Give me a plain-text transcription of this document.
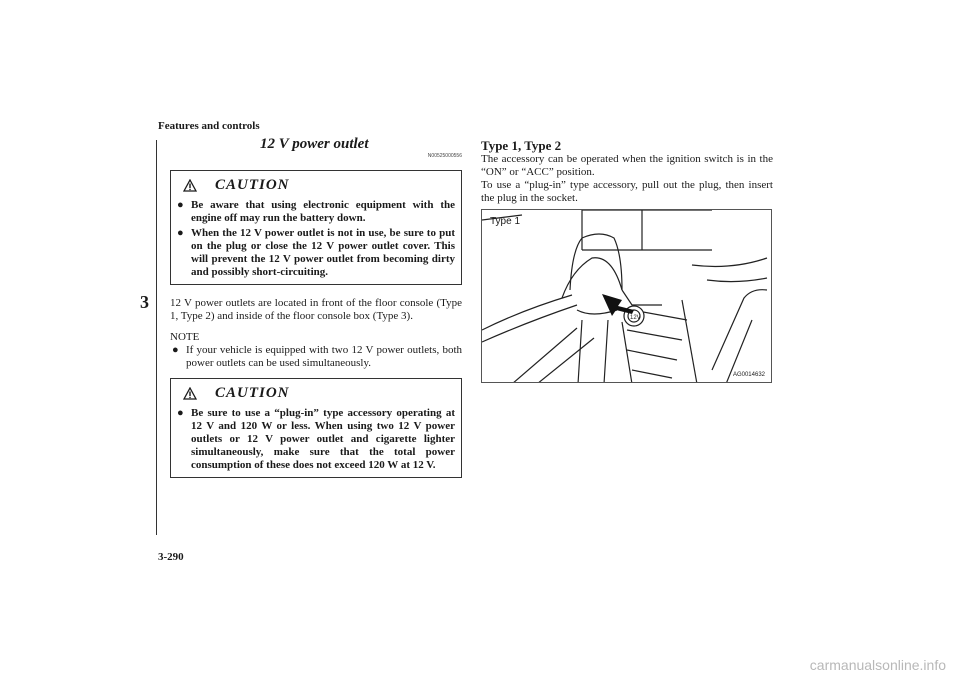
Features and controls
3
12 V power outlet
N00525000556
CAUTION
● Be aware that using electronic equipment with the engine off may run the battery down.
● When the 12 V power outlet is not in use, be sure to put on the plug or close the 12 V power outlet cover. This will prevent the 12 V power outlet from becoming dirty and possibly short-circuiting.

12 V power outlets are located in front of the floor console (Type 1, Type 2) and inside of the floor console box (Type 3).

NOTE
● If your vehicle is equipped with two 12 V power outlets, both power outlets can be used simultaneously.
CAUTION
● Be sure to use a “plug-in” type accessory operating at 12 V and 120 W or less. When using two 12 V power outlets or 12 V power outlet and cigarette lighter simultaneously, make sure that the total power consumption of these does not exceed 120 W at 12 V.
Type 1, Type 2

The accessory can be operated when the ignition switch is in the “ON” or “ACC” position.

To use a “plug-in” type accessory, pull out the plug, then insert the plug in the socket.

12V
Type 1
AG0014632
3-290
carmanualsonline.info
